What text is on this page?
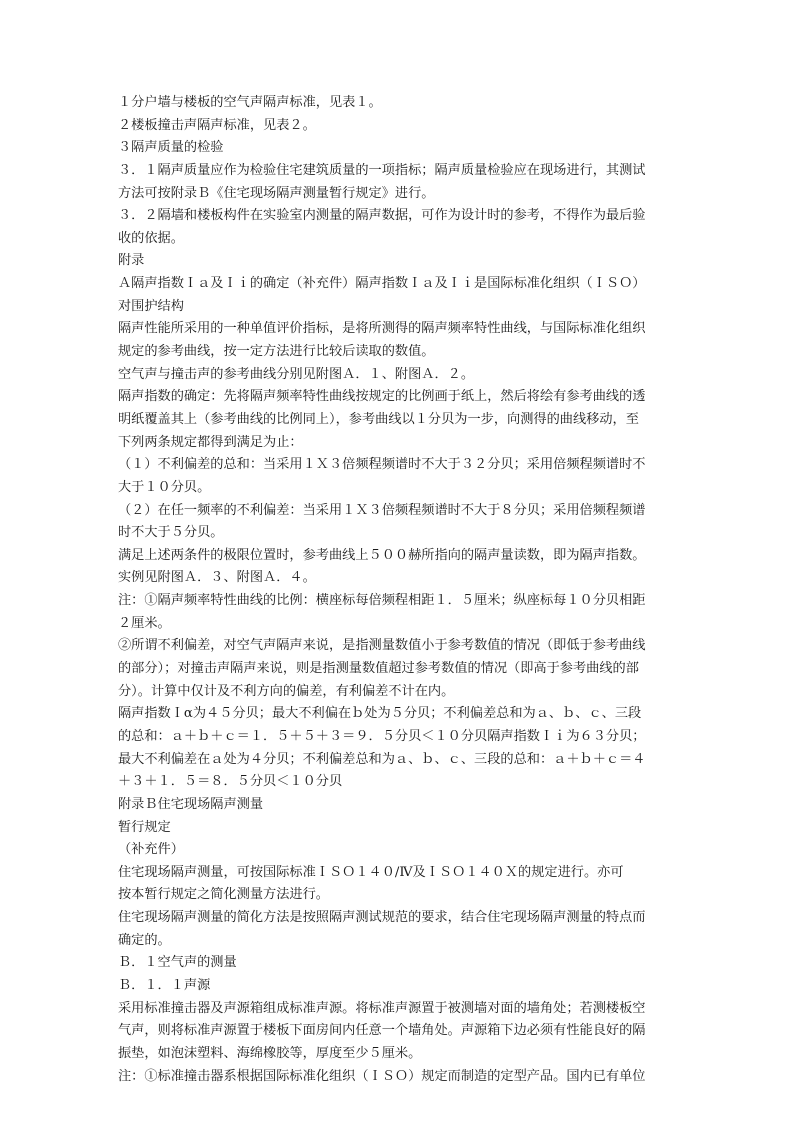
１分户墙与楼板的空气声隔声标准，见表１。
２楼板撞击声隔声标准，见表２。
３隔声质量的检验
３．１隔声质量应作为检验住宅建筑质量的一项指标；隔声质量检验应在现场进行，其测试
方法可按附录Ｂ《住宅现场隔声测量暂行规定》进行。
３．２隔墙和楼板构件在实验室内测量的隔声数据，可作为设计时的参考，不得作为最后验
收的依据。
附录
Ａ隔声指数Ｉａ及Ｉｉ的确定（补充件）隔声指数Ｉａ及Ｉｉ是国际标准化组织（ＩＳＯ）
对围护结构
隔声性能所采用的一种单值评价指标，是将所测得的隔声频率特性曲线，与国际标准化组织
规定的参考曲线，按一定方法进行比较后读取的数值。
空气声与撞击声的参考曲线分别见附图Ａ．１、附图Ａ．２。
隔声指数的确定：先将隔声频率特性曲线按规定的比例画于纸上，然后将绘有参考曲线的透
明纸覆盖其上（参考曲线的比例同上），参考曲线以１分贝为一步，向测得的曲线移动，至
下列两条规定都得到满足为止：
（１）不利偏差的总和：当采用１Ｘ３倍频程频谱时不大于３２分贝；采用倍频程频谱时不
大于１０分贝。
（２）在任一频率的不利偏差：当采用１Ｘ３倍频程频谱时不大于８分贝；采用倍频程频谱
时不大于５分贝。
满足上述两条件的极限位置时，参考曲线上５００赫所指向的隔声量读数，即为隔声指数。
实例见附图Ａ．３、附图Ａ．４。
注：①隔声频率特性曲线的比例：横座标每倍频程相距１．５厘米；纵座标每１０分贝相距
２厘米。
②所谓不利偏差，对空气声隔声来说，是指测量数值小于参考数值的情况（即低于参考曲线
的部分）；对撞击声隔声来说，则是指测量数值超过参考数值的情况（即高于参考曲线的部
分）。计算中仅计及不利方向的偏差，有利偏差不计在内。
隔声指数Ｉα为４５分贝；最大不利偏在ｂ处为５分贝；不利偏差总和为ａ、ｂ、ｃ、三段
的总和：ａ＋ｂ＋ｃ＝１．５＋５＋３＝９．５分贝＜１０分贝隔声指数Ｉｉ为６３分贝；
最大不利偏差在ａ处为４分贝；不利偏差总和为ａ、ｂ、ｃ、三段的总和：ａ＋ｂ＋ｃ＝４
＋３＋１．５＝８．５分贝＜１０分贝
附录Ｂ住宅现场隔声测量
暂行规定
（补充件）
住宅现场隔声测量，可按国际标准ＩＳＯ１４０/Ⅳ及ＩＳＯ１４０Ｘ的规定进行。亦可
按本暂行规定之简化测量方法进行。
住宅现场隔声测量的简化方法是按照隔声测试规范的要求，结合住宅现场隔声测量的特点而
确定的。
Ｂ．１空气声的测量
Ｂ．１．１声源
采用标准撞击器及声源箱组成标准声源。将标准声源置于被测墙对面的墙角处；若测楼板空
气声，则将标准声源置于楼板下面房间内任意一个墙角处。声源箱下边必须有性能良好的隔
振垫，如泡沫塑料、海绵橡胶等，厚度至少５厘米。
注：①标准撞击器系根据国际标准化组织（ＩＳＯ）规定而制造的定型产品。国内已有单位
